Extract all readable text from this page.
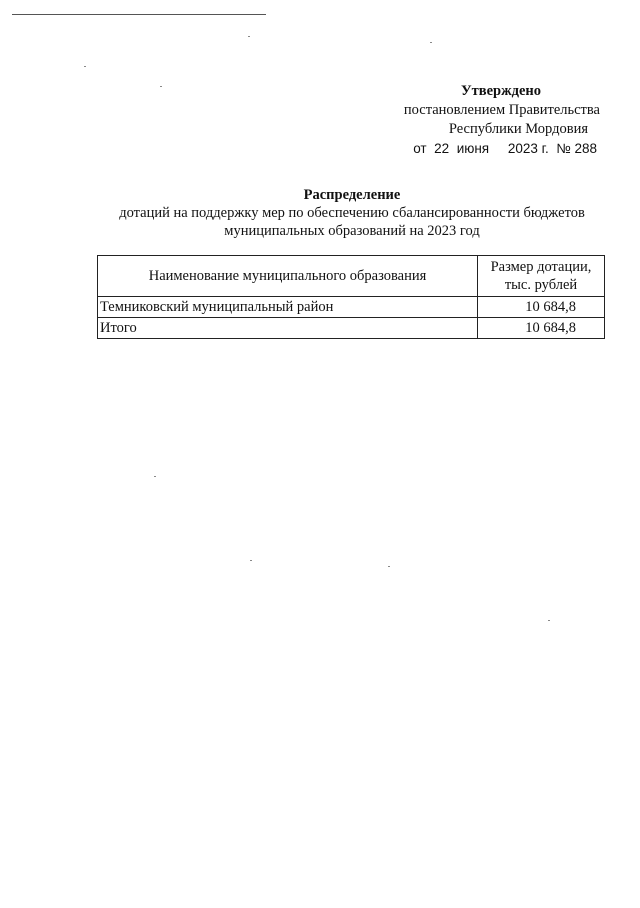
Утверждено
постановлением Правительства
Республики Мордовия
от 22 июня 2023 г. № 288
Распределение
дотаций на поддержку мер по обеспечению сбалансированности бюджетов
муниципальных образований на 2023 год
Наименование муниципального образования	Размер дотации,
тыс. рублей

Темниковский муниципальный район	10 684,8
Итого	10 684,8
